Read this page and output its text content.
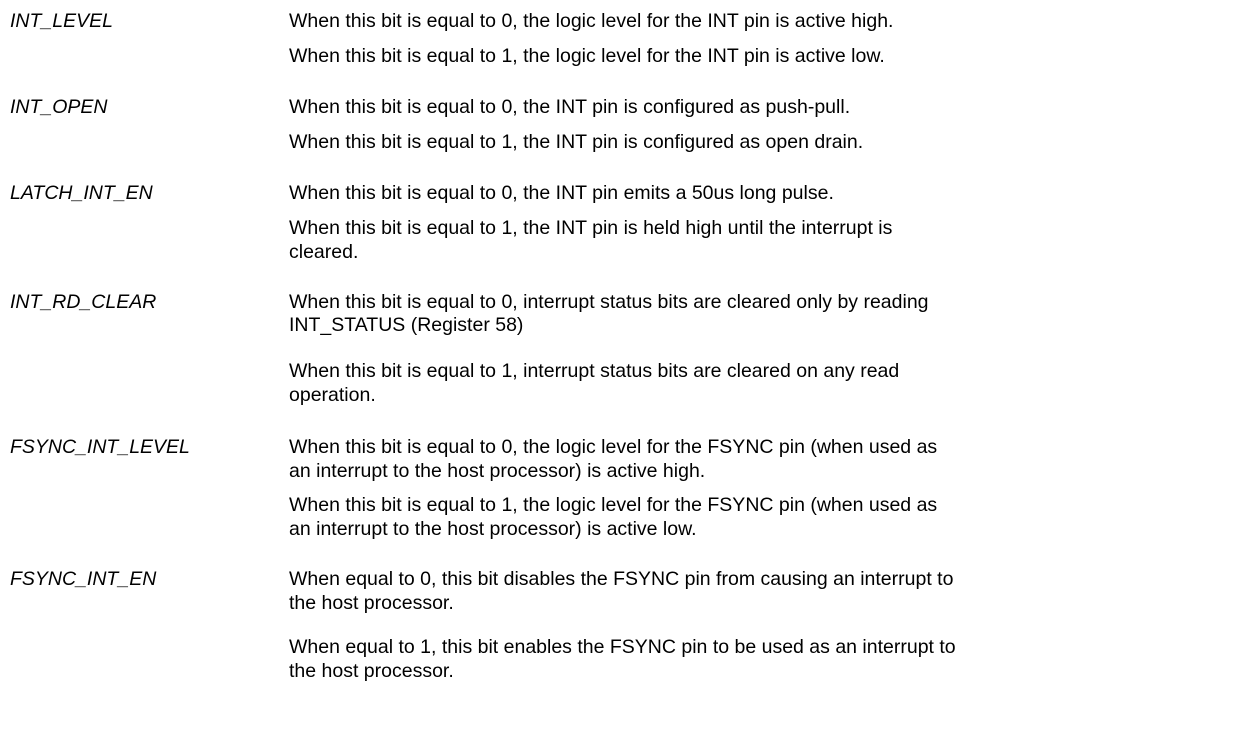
INT_LEVEL	When this bit is equal to 0, the logic level for the INT pin is active high.
When this bit is equal to 1, the logic level for the INT pin is active low.
INT_OPEN	When this bit is equal to 0, the INT pin is configured as push-pull.
When this bit is equal to 1, the INT pin is configured as open drain.
LATCH_INT_EN	When this bit is equal to 0, the INT pin emits a 50us long pulse.
When this bit is equal to 1, the INT pin is held high until the interrupt is
cleared.
INT_RD_CLEAR	When this bit is equal to 0, interrupt status bits are cleared only by reading
INT_STATUS (Register 58)
When this bit is equal to 1, interrupt status bits are cleared on any read
operation.
FSYNC_INT_LEVEL	When this bit is equal to 0, the logic level for the FSYNC pin (when used as
an interrupt to the host processor) is active high.
When this bit is equal to 1, the logic level for the FSYNC pin (when used as
an interrupt to the host processor) is active low.
FSYNC_INT_EN	When equal to 0, this bit disables the FSYNC pin from causing an interrupt to
the host processor.
When equal to 1, this bit enables the FSYNC pin to be used as an interrupt to
the host processor.
